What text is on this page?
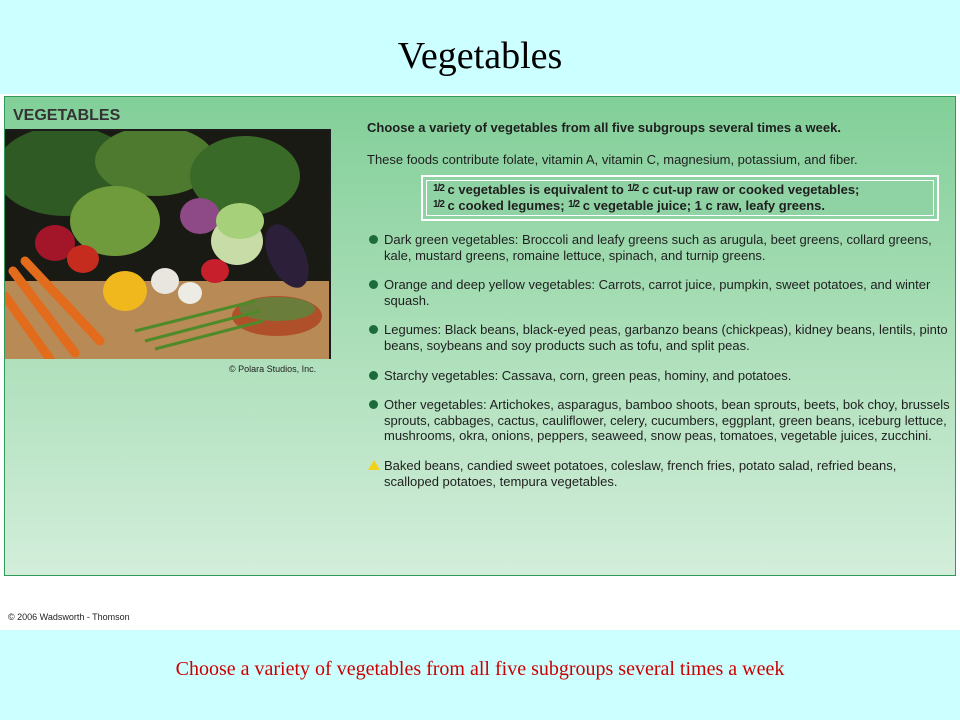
Vegetables
VEGETABLES
© Polara Studios, Inc.
Choose a variety of vegetables from all five subgroups several times a week.
These foods contribute folate, vitamin A, vitamin C, magnesium, potassium, and fiber.
$^{1/2}$ c vegetables is equivalent to $^{1/2}$ c cut-up raw or cooked vegetables;
$^{1/2}$ c cooked legumes; $^{1/2}$ c vegetable juice; 1 c raw, leafy greens.
Dark green vegetables: Broccoli and leafy greens such as arugula, beet greens, collard greens, kale, mustard greens, romaine lettuce, spinach, and turnip greens.
Orange and deep yellow vegetables: Carrots, carrot juice, pumpkin, sweet potatoes, and winter squash.
Legumes: Black beans, black-eyed peas, garbanzo beans (chickpeas), kidney beans, lentils, pinto beans, soybeans and soy products such as tofu, and split peas.
Starchy vegetables: Cassava, corn, green peas, hominy, and potatoes.
Other vegetables: Artichokes, asparagus, bamboo shoots, bean sprouts, beets, bok choy, brussels sprouts, cabbages, cactus, cauliflower, celery, cucumbers, eggplant, green beans, iceburg lettuce, mushrooms, okra, onions, peppers, seaweed, snow peas, tomatoes, vegetable juices, zucchini.
Baked beans, candied sweet potatoes, coleslaw, french fries, potato salad, refried beans, scalloped potatoes, tempura vegetables.
© 2006 Wadsworth - Thomson
Choose a variety of vegetables from all five subgroups several times a week
